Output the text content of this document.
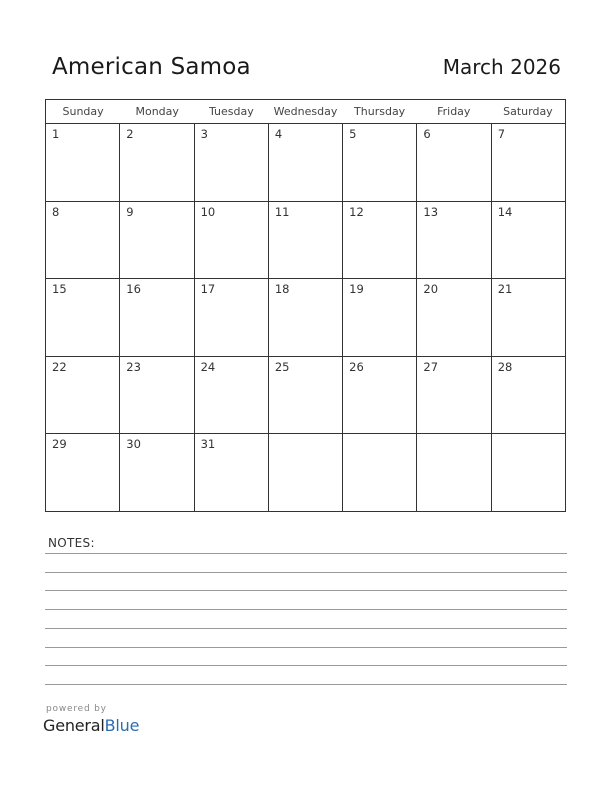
American Samoa	March 2026
Sunday	Monday	Tuesday	Wednesday	Thursday	Friday	Saturday
1	2	3	4	5	6	7
8	9	10	11	12	13	14
15	16	17	18	19	20	21
22	23	24	25	26	27	28
29	30	31
NOTES:
powered by
GeneralBlue
